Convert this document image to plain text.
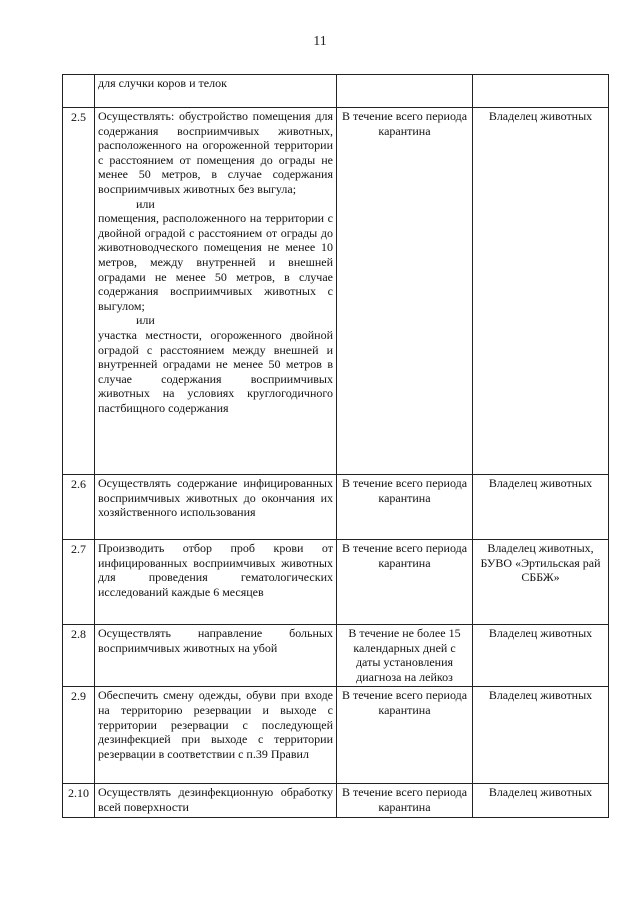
11
	для случки коров и телок		
2.5	Осуществлять: обустройство помещения для содержания восприимчивых животных, расположенного на огороженной территории с расстоянием от помещения до ограды не менее 50 метров, в случае содержания восприимчивых животных без выгула;

или

помещения, расположенного на территории с двойной оградой с расстоянием от ограды до животноводческого помещения не менее 10 метров, между внутренней и внешней оградами не менее 50 метров, в случае содержания восприимчивых животных с выгулом;

или

участка местности, огороженного двойной оградой с расстоянием между внешней и внутренней оградами не менее 50 метров в случае содержания восприимчивых животных на условиях круглогодичного пастбищного содержания	В течение всего периода карантина	Владелец животных
2.6	Осуществлять содержание инфицированных восприимчивых животных до окончания их хозяйственного использования	В течение всего периода карантина	Владелец животных
2.7	Производить отбор проб крови от инфицированных восприимчивых животных для проведения гематологических исследований каждые 6 месяцев	В течение всего периода карантина	Владелец животных, БУВО «Эртильская рай СББЖ»
2.8	Осуществлять направление больных восприимчивых животных на убой	В течение не более 15 календарных дней с даты установления диагноза на лейкоз	Владелец животных
2.9	Обеспечить смену одежды, обуви при входе на территорию резервации и выходе с территории резервации с последующей дезинфекцией при выходе с территории резервации в соответствии с п.39 Правил	В течение всего периода карантина	Владелец животных
2.10	Осуществлять дезинфекционную обработку всей поверхности	В течение всего периода карантина	Владелец животных
